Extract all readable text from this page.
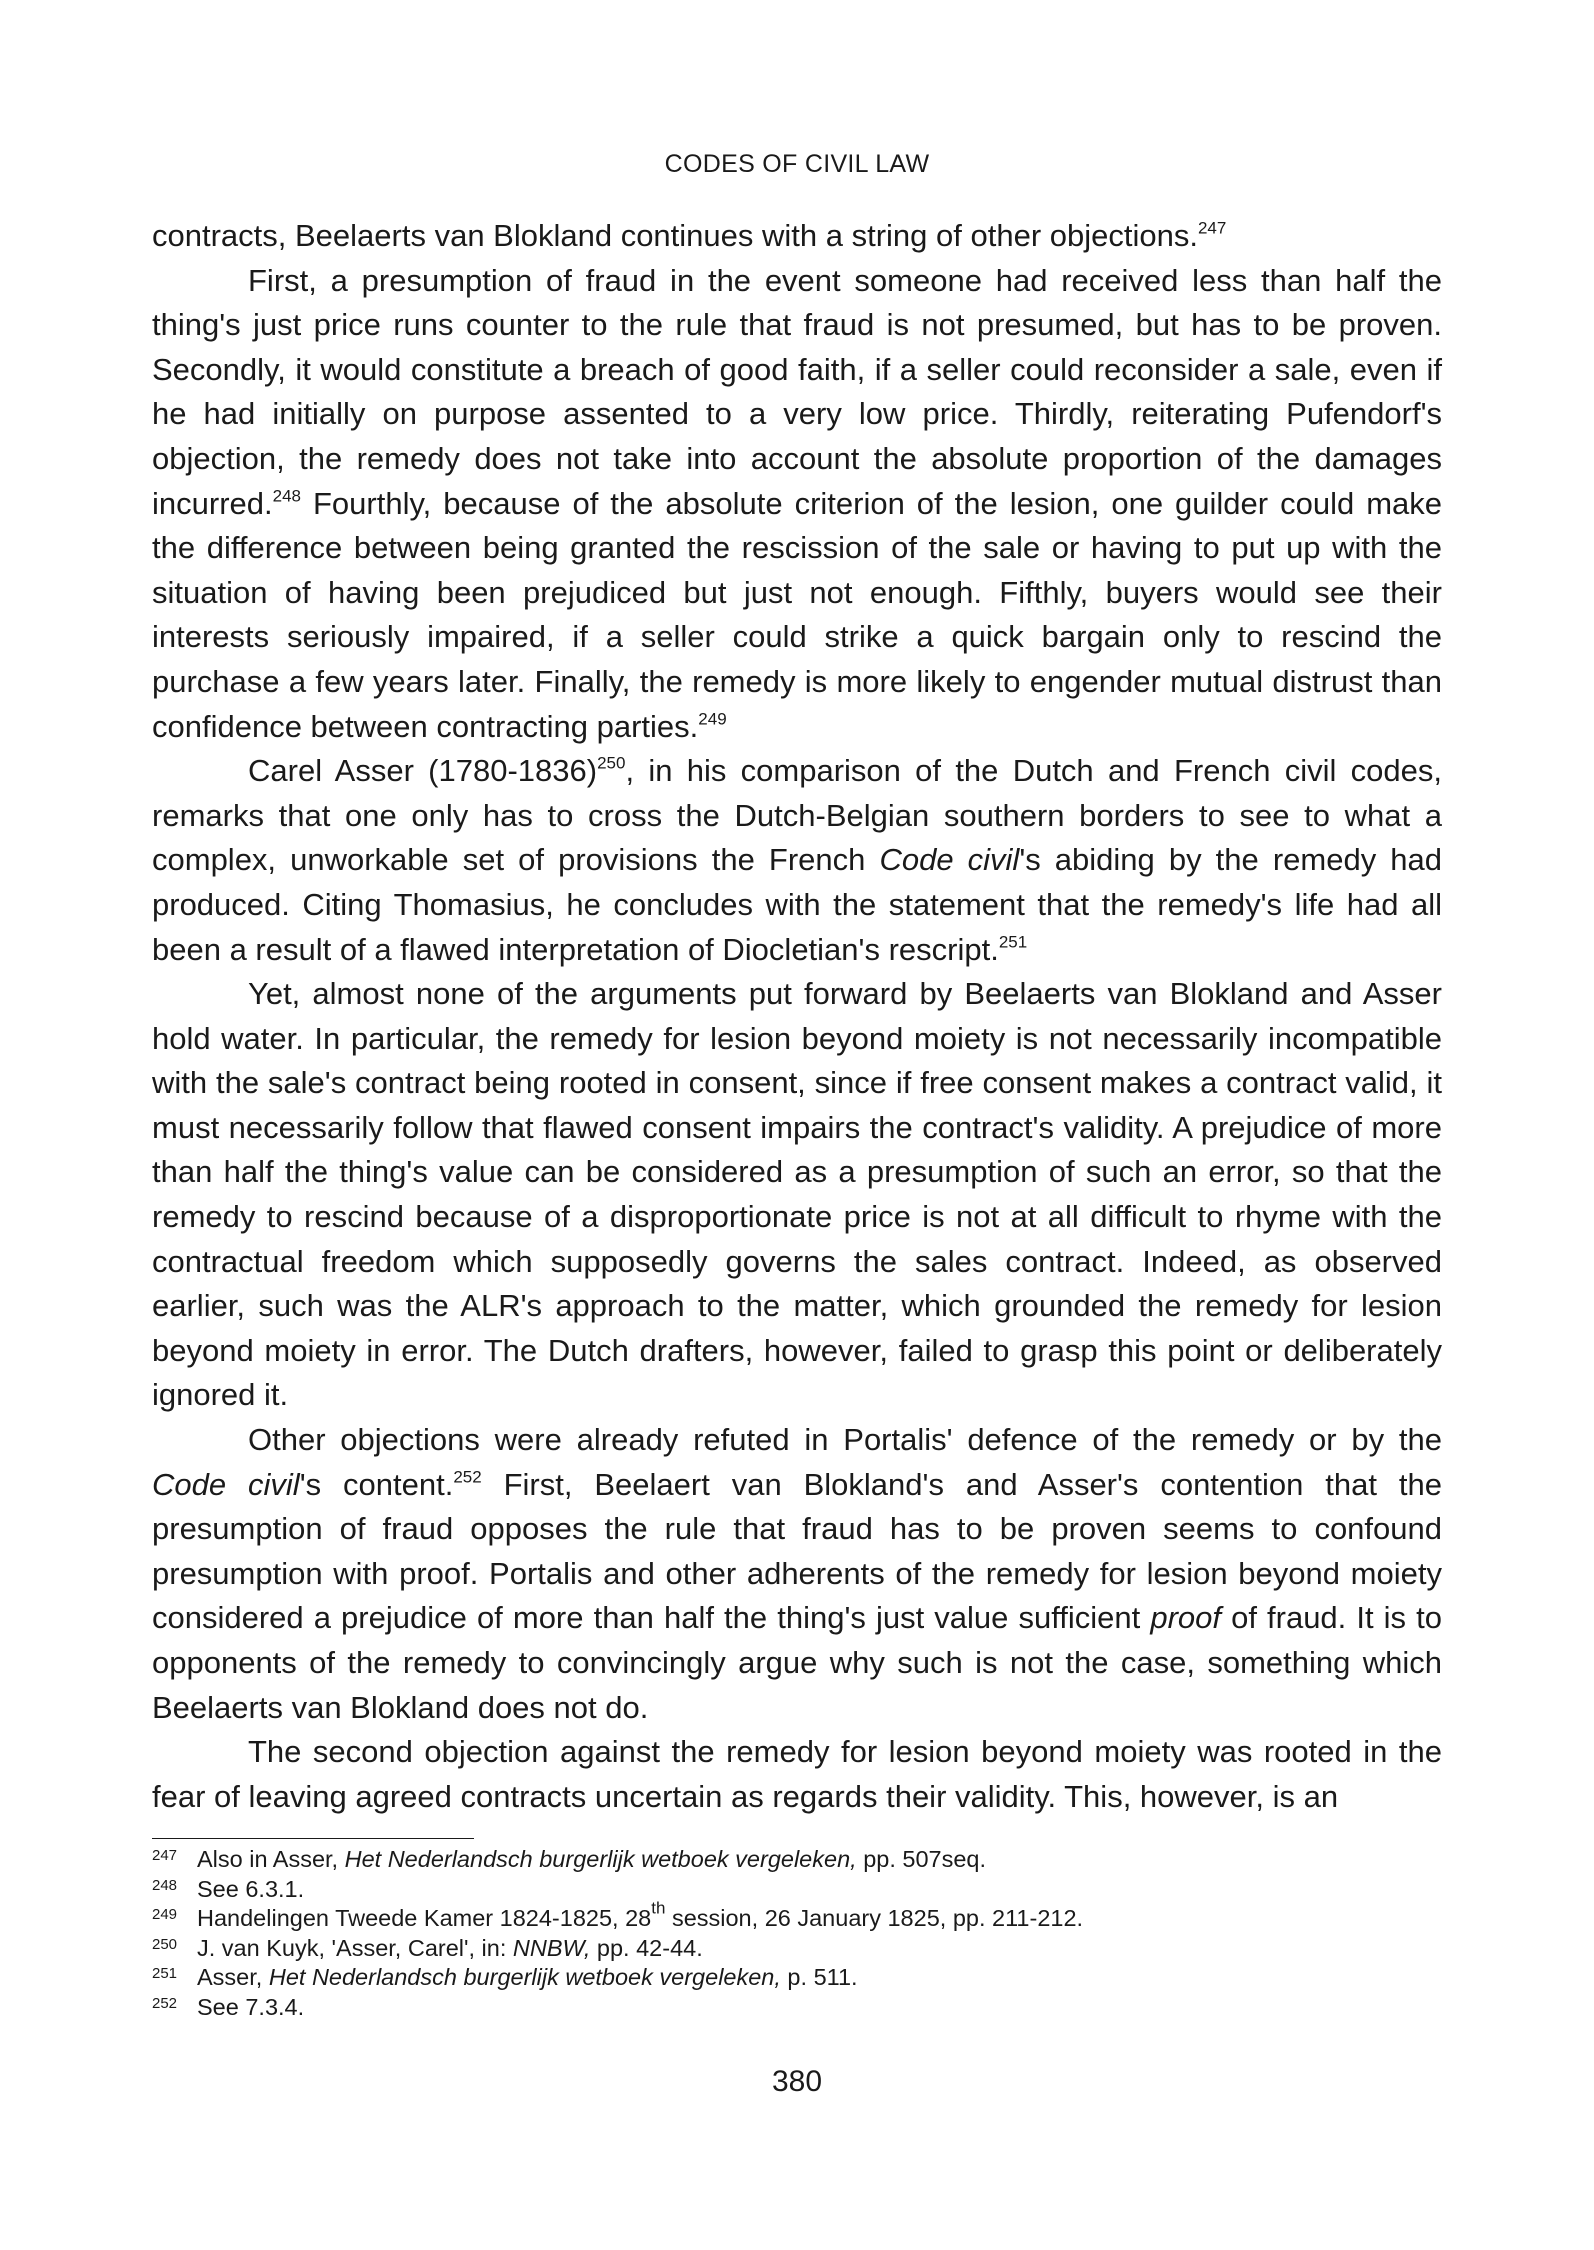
CODES OF CIVIL LAW

contracts, Beelaerts van Blokland continues with a string of other objections.$^{247}$

First, a presumption of fraud in the event someone had received less than half the thing's just price runs counter to the rule that fraud is not presumed, but has to be proven. Secondly, it would constitute a breach of good faith, if a seller could reconsider a sale, even if he had initially on purpose assented to a very low price. Thirdly, reiterating Pufendorf's objection, the remedy does not take into account the absolute proportion of the damages incurred.$^{248}$ Fourthly, because of the absolute criterion of the lesion, one guilder could make the difference between being granted the rescission of the sale or having to put up with the situation of having been prejudiced but just not enough. Fifthly, buyers would see their interests seriously impaired, if a seller could strike a quick bargain only to rescind the purchase a few years later. Finally, the remedy is more likely to engender mutual distrust than confidence between contracting parties.$^{249}$

Carel Asser (1780-1836)$^{250}$, in his comparison of the Dutch and French civil codes, remarks that one only has to cross the Dutch-Belgian southern borders to see to what a complex, unworkable set of provisions the French Code civil's abiding by the remedy had produced. Citing Thomasius, he concludes with the statement that the remedy's life had all been a result of a flawed interpretation of Diocletian's rescript.$^{251}$

Yet, almost none of the arguments put forward by Beelaerts van Blokland and Asser hold water. In particular, the remedy for lesion beyond moiety is not necessarily incompatible with the sale's contract being rooted in consent, since if free consent makes a contract valid, it must necessarily follow that flawed consent impairs the contract's validity. A prejudice of more than half the thing's value can be considered as a presumption of such an error, so that the remedy to rescind because of a disproportionate price is not at all difficult to rhyme with the contractual freedom which supposedly governs the sales contract. Indeed, as observed earlier, such was the ALR's approach to the matter, which grounded the remedy for lesion beyond moiety in error. The Dutch drafters, however, failed to grasp this point or deliberately ignored it.

Other objections were already refuted in Portalis' defence of the remedy or by the Code civil's content.$^{252}$ First, Beelaert van Blokland's and Asser's contention that the presumption of fraud opposes the rule that fraud has to be proven seems to confound presumption with proof. Portalis and other adherents of the remedy for lesion beyond moiety considered a prejudice of more than half the thing's just value sufficient proof of fraud. It is to opponents of the remedy to convincingly argue why such is not the case, something which Beelaerts van Blokland does not do.

The second objection against the remedy for lesion beyond moiety was rooted in the fear of leaving agreed contracts uncertain as regards their validity. This, however, is an

247 Also in Asser, Het Nederlandsch burgerlijk wetboek vergeleken, pp. 507seq.
248 See 6.3.1.
249 Handelingen Tweede Kamer 1824-1825, 28th session, 26 January 1825, pp. 211-212.
250 J. van Kuyk, 'Asser, Carel', in: NNBW, pp. 42-44.
251 Asser, Het Nederlandsch burgerlijk wetboek vergeleken, p. 511.
252 See 7.3.4.
380
